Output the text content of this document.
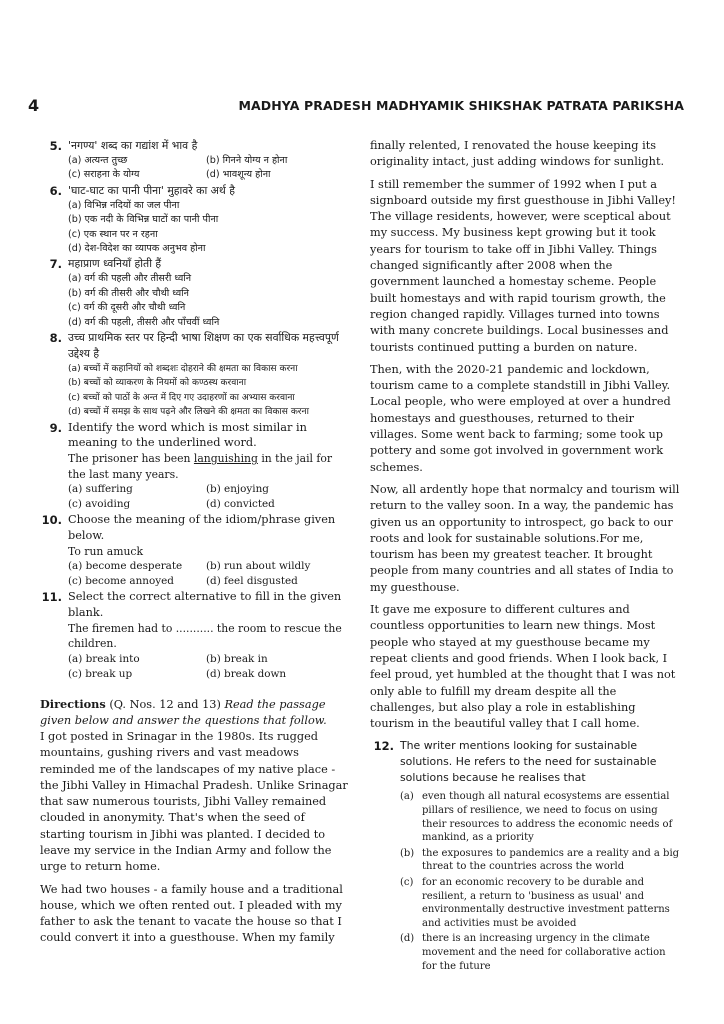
4	MADHYA PRADESH MADHYAMIK SHIKSHAK PATRATA PARIKSHA
5. 'नगण्य' शब्द का गद्यांश में भाव है
(a) अत्यन्त तुच्छ	(b) गिनने योग्य न होना
(c) सराहना के योग्य	(d) भावशून्य होना
6. 'घाट-घाट का पानी पीना' मुहावरे का अर्थ है
(a) विभिन्न नदियों का जल पीना
(b) एक नदी के विभिन्न घाटों का पानी पीना
(c) एक स्थान पर न रहना
(d) देश-विदेश का व्यापक अनुभव होना
7. महाप्राण ध्वनियाँ होती हैं
(a) वर्ग की पहली और तीसरी ध्वनि
(b) वर्ग की तीसरी और चौथी ध्वनि
(c) वर्ग की दूसरी और चौथी ध्वनि
(d) वर्ग की पहली, तीसरी और पाँचवीं ध्वनि
8. उच्च प्राथमिक स्तर पर हिन्दी भाषा शिक्षण का एक सर्वाधिक महत्त्वपूर्ण उद्देश्य है
(a) बच्चों में कहानियों को शब्दशः दोहराने की क्षमता का विकास करना
(b) बच्चों को व्याकरण के नियमों को कण्ठस्थ करवाना
(c) बच्चों को पाठों के अन्त में दिए गए उदाहरणों का अभ्यास करवाना
(d) बच्चों में समझ के साथ पढ़ने और लिखने की क्षमता का विकास करना
9. Identify the word which is most similar in meaning to the underlined word.
The prisoner has been languishing in the jail for the last many years.
(a) suffering	(b) enjoying
(c) avoiding	(d) convicted
10. Choose the meaning of the idiom/phrase given below.
To run amuck
(a) become desperate	(b) run about wildly
(c) become annoyed	(d) feel disgusted
11. Select the correct alternative to fill in the given blank.
The firemen had to ........... the room to rescue the children.
(a) break into	(b) break in
(c) break up	(d) break down
Directions (Q. Nos. 12 and 13) Read the passage given below and answer the questions that follow.
I got posted in Srinagar in the 1980s. Its rugged mountains, gushing rivers and vast meadows reminded me of the landscapes of my native place - the Jibhi Valley in Himachal Pradesh. Unlike Srinagar that saw numerous tourists, Jibhi Valley remained clouded in anonymity. That's when the seed of starting tourism in Jibhi was planted. I decided to leave my service in the Indian Army and follow the urge to return home.
We had two houses - a family house and a traditional house, which we often rented out. I pleaded with my father to ask the tenant to vacate the house so that I could convert it into a guesthouse. When my family
finally relented, I renovated the house keeping its originality intact, just adding windows for sunlight.
I still remember the summer of 1992 when I put a signboard outside my first guesthouse in Jibhi Valley! The village residents, however, were sceptical about my success. My business kept growing but it took years for tourism to take off in Jibhi Valley. Things changed significantly after 2008 when the government launched a homestay scheme. People built homestays and with rapid tourism growth, the region changed rapidly. Villages turned into towns with many concrete buildings. Local businesses and tourists continued putting a burden on nature.
Then, with the 2020-21 pandemic and lockdown, tourism came to a complete standstill in Jibhi Valley. Local people, who were employed at over a hundred homestays and guesthouses, returned to their villages. Some went back to farming; some took up pottery and some got involved in government work schemes.
Now, all ardently hope that normalcy and tourism will return to the valley soon. In a way, the pandemic has given us an opportunity to introspect, go back to our roots and look for sustainable solutions.For me, tourism has been my greatest teacher. It brought people from many countries and all states of India to my guesthouse.
It gave me exposure to different cultures and countless opportunities to learn new things. Most people who stayed at my guesthouse became my repeat clients and good friends. When I look back, I feel proud, yet humbled at the thought that I was not only able to fulfill my dream despite all the challenges, but also play a role in establishing tourism in the beautiful valley that I call home.
12. The writer mentions looking for sustainable solutions. He refers to the need for sustainable solutions because he realises that
(a) even though all natural ecosystems are essential pillars of resilience, we need to focus on using their resources to address the economic needs of mankind, as a priority
(b) the exposures to pandemics are a reality and a big threat to the countries across the world
(c) for an economic recovery to be durable and resilient, a return to 'business as usual' and environmentally destructive investment patterns and activities must be avoided
(d) there is an increasing urgency in the climate movement and the need for collaborative action for the future
